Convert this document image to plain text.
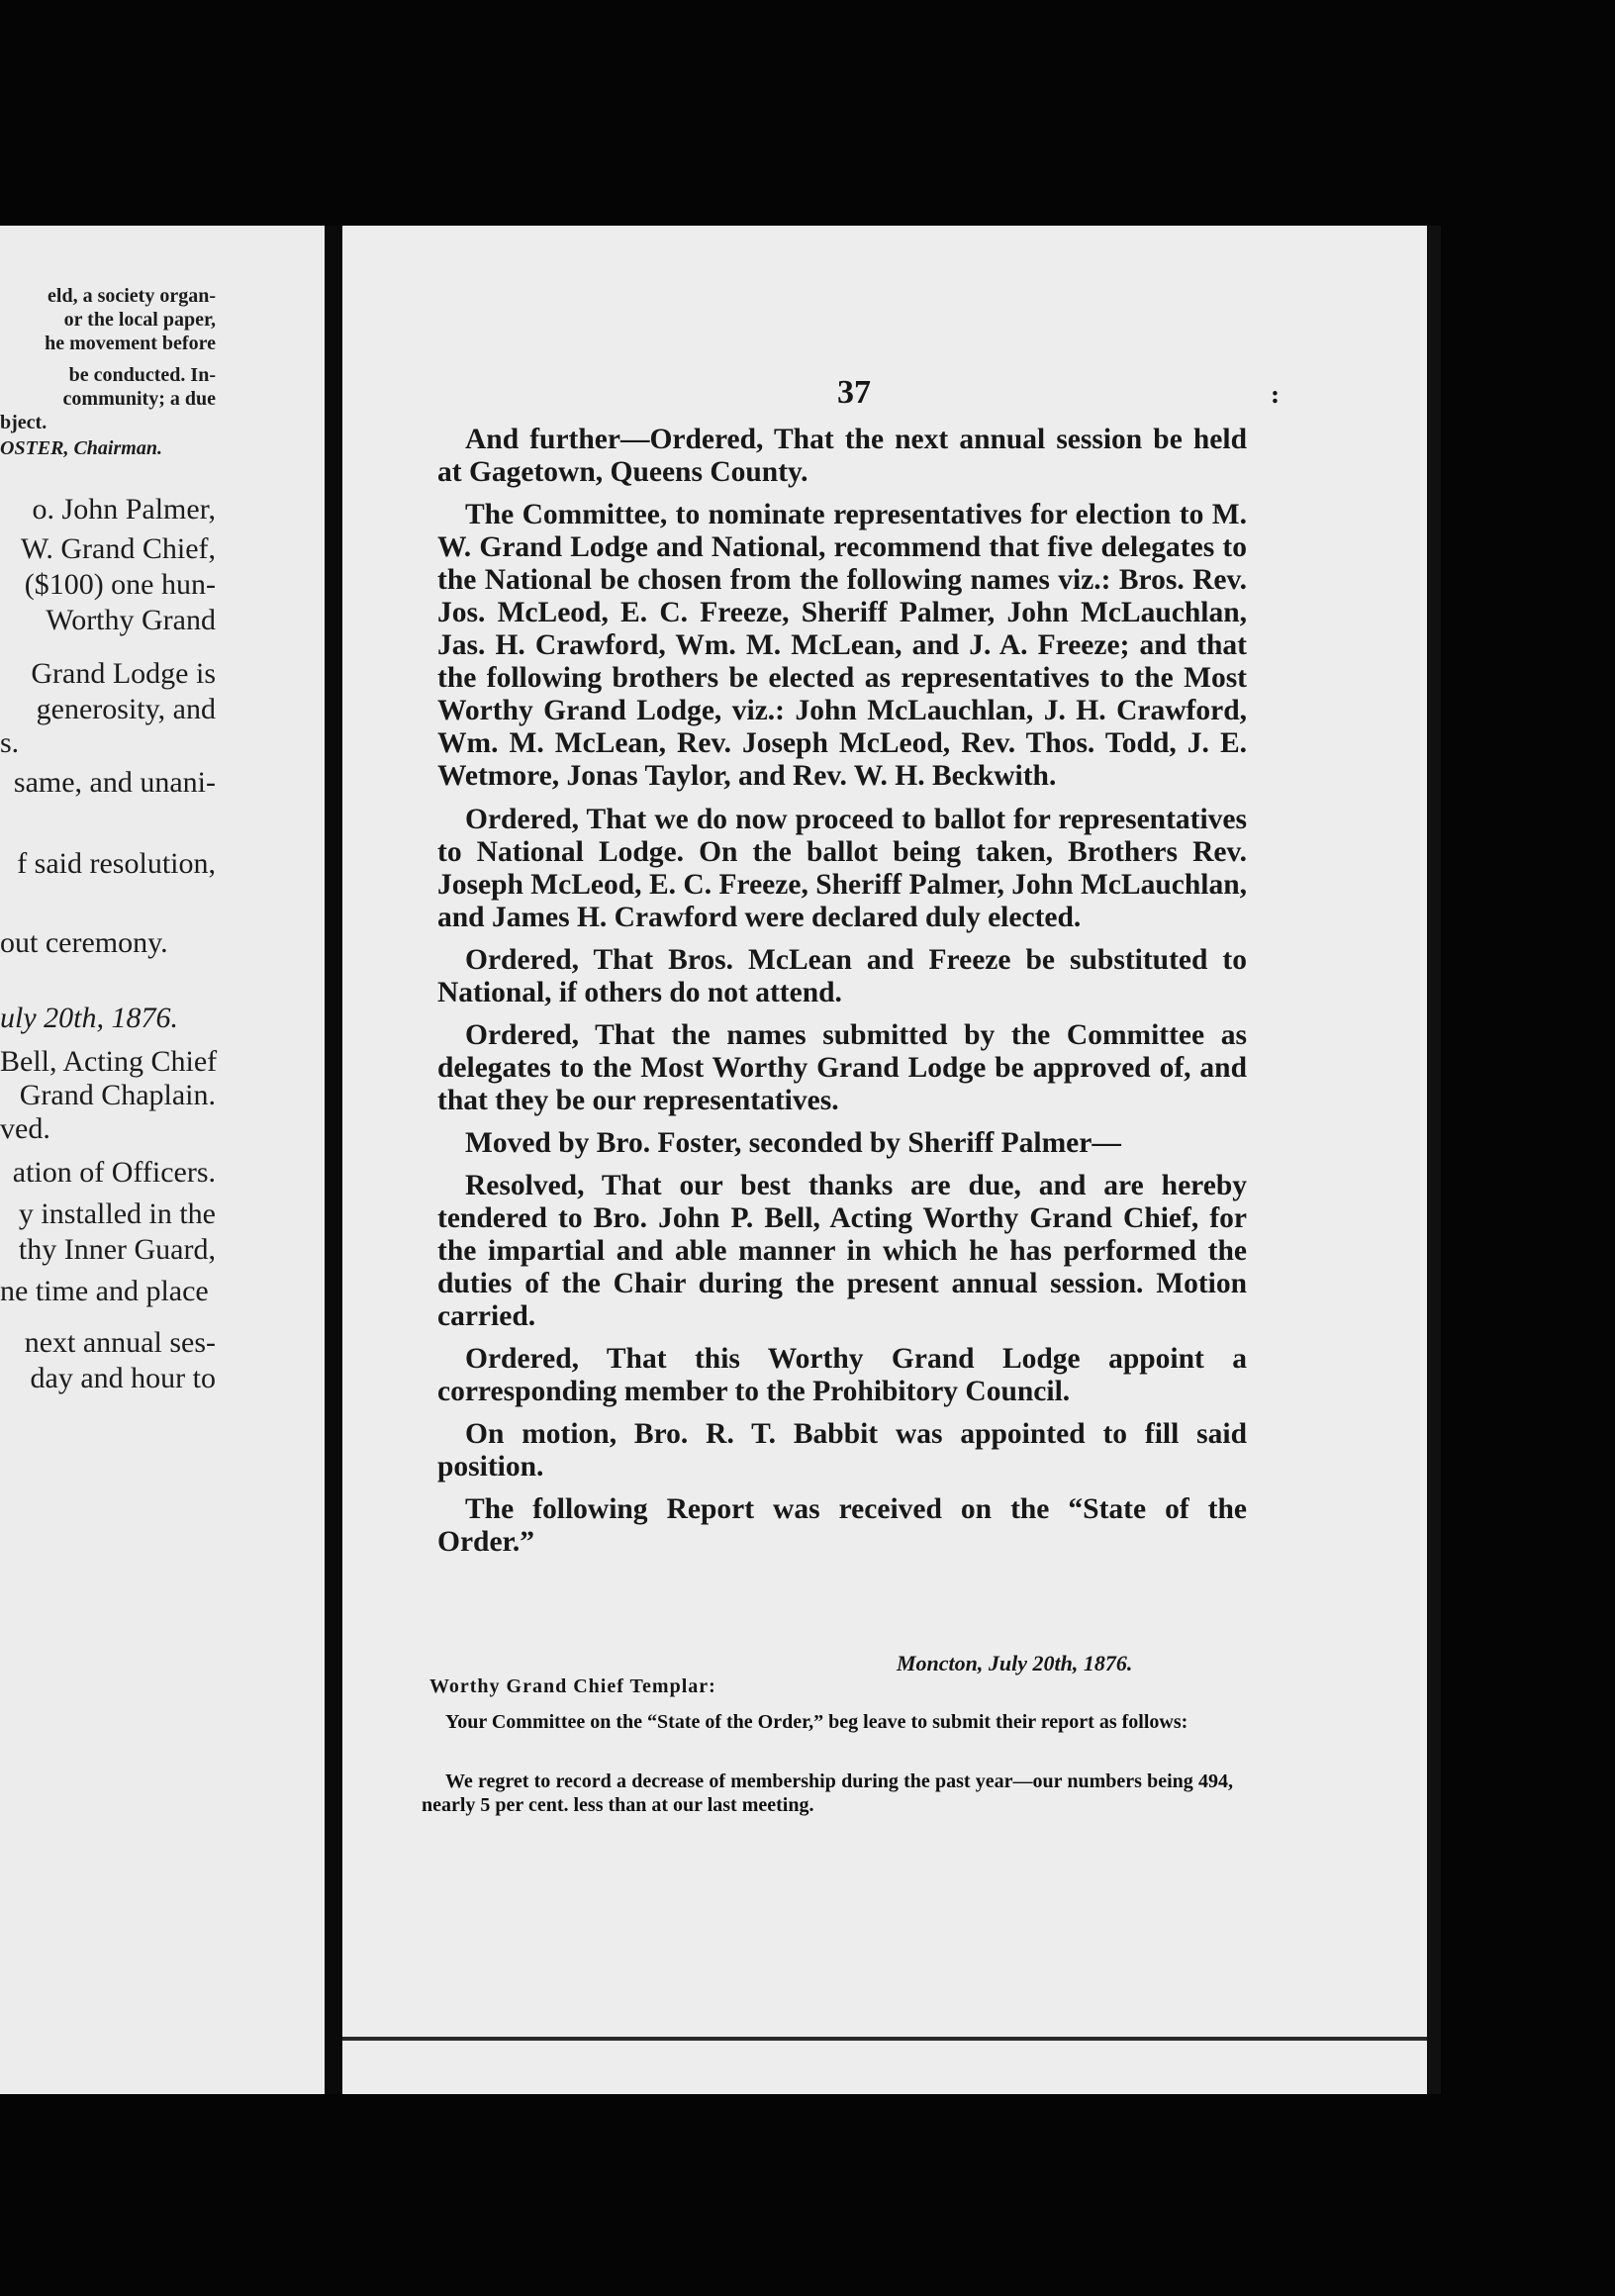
eld, a society organ-
or the local paper,
he movement before
be conducted. In-
community; a due
bject.
OSTER, Chairman.
o. John Palmer,
W. Grand Chief,
($100) one hun-
Worthy Grand
Grand Lodge is
generosity, and
s.
same, and unani-
f said resolution,
out ceremony.
uly 20th, 1876.
Bell, Acting Chief
Grand Chaplain.
ved.
ation of Officers.
y installed in the
thy Inner Guard,
ne time and place
next annual ses-
day and hour to
37	:

And further—Ordered, That the next annual session be held at Gagetown, Queens County.

The Committee, to nominate representatives for election to M. W. Grand Lodge and National, recommend that five delegates to the National be chosen from the following names viz.: Bros. Rev. Jos. McLeod, E. C. Freeze, Sheriff Palmer, John McLauchlan, Jas. H. Crawford, Wm. M. McLean, and J. A. Freeze; and that the following brothers be elected as representatives to the Most Worthy Grand Lodge, viz.: John McLauchlan, J. H. Crawford, Wm. M. McLean, Rev. Joseph McLeod, Rev. Thos. Todd, J. E. Wetmore, Jonas Taylor, and Rev. W. H. Beckwith.

Ordered, That we do now proceed to ballot for representatives to National Lodge. On the ballot being taken, Brothers Rev. Joseph McLeod, E. C. Freeze, Sheriff Palmer, John McLauchlan, and James H. Crawford were declared duly elected.

Ordered, That Bros. McLean and Freeze be substituted to National, if others do not attend.

Ordered, That the names submitted by the Committee as delegates to the Most Worthy Grand Lodge be approved of, and that they be our representatives.

Moved by Bro. Foster, seconded by Sheriff Palmer—

Resolved, That our best thanks are due, and are hereby tendered to Bro. John P. Bell, Acting Worthy Grand Chief, for the impartial and able manner in which he has performed the duties of the Chair during the present annual session. Motion carried.

Ordered, That this Worthy Grand Lodge appoint a corresponding member to the Prohibitory Council.

On motion, Bro. R. T. Babbit was appointed to fill said position.

The following Report was received on the “State of the Order.”

Moncton, July 20th, 1876.
Worthy Grand Chief Templar:
Your Committee on the “State of the Order,” beg leave to submit their report as follows:
We regret to record a decrease of membership during the past year—our numbers being 494, nearly 5 per cent. less than at our last meeting.
